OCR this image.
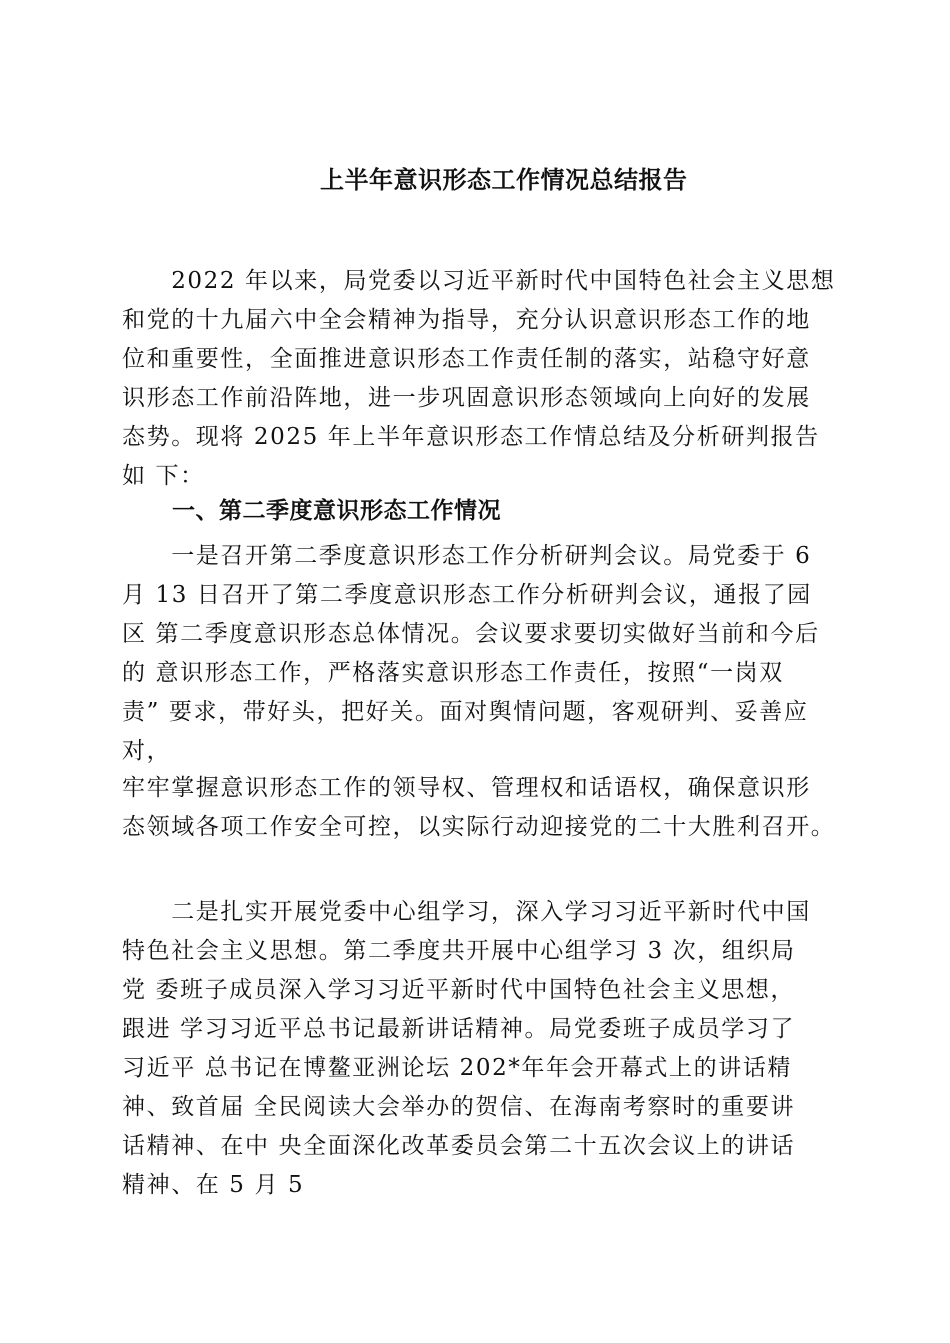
上半年意识形态工作情况总结报告
　　2022 年以来，局党委以习近平新时代中国特色社会主义思想
和党的十九届六中全会精神为指导，充分认识意识形态工作的地
位和重要性，全面推进意识形态工作责任制的落实，站稳守好意
识形态工作前沿阵地，进一步巩固意识形态领域向上向好的发展
态势。现将 2025 年上半年意识形态工作情总结及分析研判报告
如 下：
一、第二季度意识形态工作情况
　　一是召开第二季度意识形态工作分析研判会议。局党委于 6
月 13 日召开了第二季度意识形态工作分析研判会议，通报了园
区 第二季度意识形态总体情况。会议要求要切实做好当前和今后
的 意识形态工作，严格落实意识形态工作责任，按照“一岗双
责” 要求，带好头，把好关。面对舆情问题，客观研判、妥善应
对，
牢牢掌握意识形态工作的领导权、管理权和话语权，确保意识形
态领域各项工作安全可控，以实际行动迎接党的二十大胜利召开。
　　二是扎实开展党委中心组学习，深入学习习近平新时代中国
特色社会主义思想。第二季度共开展中心组学习 3 次，组织局
党 委班子成员深入学习习近平新时代中国特色社会主义思想，
跟进 学习习近平总书记最新讲话精神。局党委班子成员学习了
习近平 总书记在博鳌亚洲论坛 202*年年会开幕式上的讲话精
神、致首届 全民阅读大会举办的贺信、在海南考察时的重要讲
话精神、在中 央全面深化改革委员会第二十五次会议上的讲话
精神、在 5 月 5
